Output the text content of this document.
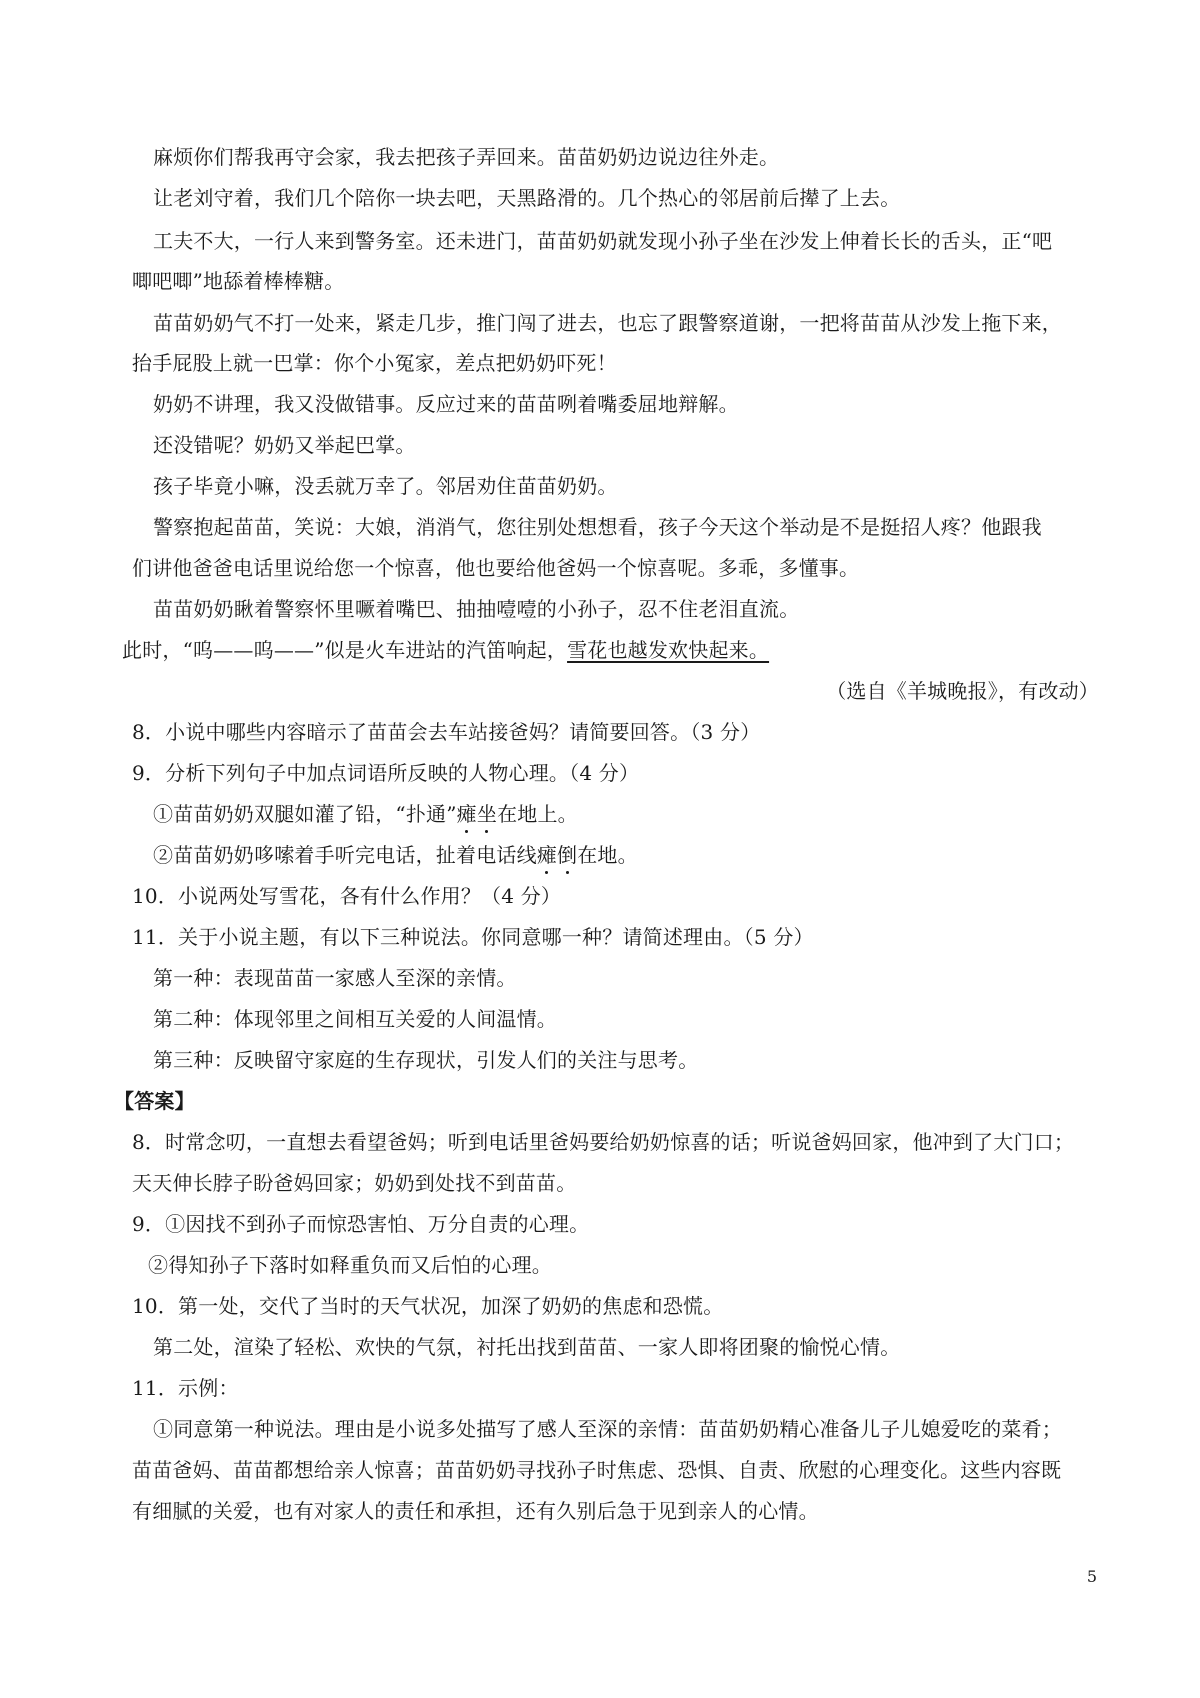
麻烦你们帮我再守会家，我去把孩子弄回来。苗苗奶奶边说边往外走。
让老刘守着，我们几个陪你一块去吧，天黑路滑的。几个热心的邻居前后撵了上去。
工夫不大，一行人来到警务室。还未进门，苗苗奶奶就发现小孙子坐在沙发上伸着长长的舌头，正“吧
唧吧唧”地舔着棒棒糖。
苗苗奶奶气不打一处来，紧走几步，推门闯了进去，也忘了跟警察道谢，一把将苗苗从沙发上拖下来，
抬手屁股上就一巴掌：你个小冤家，差点把奶奶吓死！
奶奶不讲理，我又没做错事。反应过来的苗苗咧着嘴委屈地辩解。
还没错呢？奶奶又举起巴掌。
孩子毕竟小嘛，没丢就万幸了。邻居劝住苗苗奶奶。
警察抱起苗苗，笑说：大娘，消消气，您往别处想想看，孩子今天这个举动是不是挺招人疼？他跟我
们讲他爸爸电话里说给您一个惊喜，他也要给他爸妈一个惊喜呢。多乖，多懂事。
苗苗奶奶瞅着警察怀里噘着嘴巴、抽抽噎噎的小孙子，忍不住老泪直流。
此时，“呜——呜——”似是火车进站的汽笛响起，雪花也越发欢快起来。
（选自《羊城晚报》，有改动）
8．小说中哪些内容暗示了苗苗会去车站接爸妈？请简要回答。（3 分）
9．分析下列句子中加点词语所反映的人物心理。（4 分）
①苗苗奶奶双腿如灌了铅，“扑通”瘫坐在地上。
②苗苗奶奶哆嗦着手听完电话，扯着电话线瘫倒在地。
10．小说两处写雪花，各有什么作用？（4 分）
11．关于小说主题，有以下三种说法。你同意哪一种？请简述理由。（5 分）
第一种：表现苗苗一家感人至深的亲情。
第二种：体现邻里之间相互关爱的人间温情。
第三种：反映留守家庭的生存现状，引发人们的关注与思考。
【答案】
8．时常念叨，一直想去看望爸妈；听到电话里爸妈要给奶奶惊喜的话；听说爸妈回家，他冲到了大门口；
天天伸长脖子盼爸妈回家；奶奶到处找不到苗苗。
9．①因找不到孙子而惊恐害怕、万分自责的心理。
②得知孙子下落时如释重负而又后怕的心理。
10．第一处，交代了当时的天气状况，加深了奶奶的焦虑和恐慌。
第二处，渲染了轻松、欢快的气氛，衬托出找到苗苗、一家人即将团聚的愉悦心情。
11．示例：
①同意第一种说法。理由是小说多处描写了感人至深的亲情：苗苗奶奶精心准备儿子儿媳爱吃的菜肴；
苗苗爸妈、苗苗都想给亲人惊喜；苗苗奶奶寻找孙子时焦虑、恐惧、自责、欣慰的心理变化。这些内容既
有细腻的关爱，也有对家人的责任和承担，还有久别后急于见到亲人的心情。
5
